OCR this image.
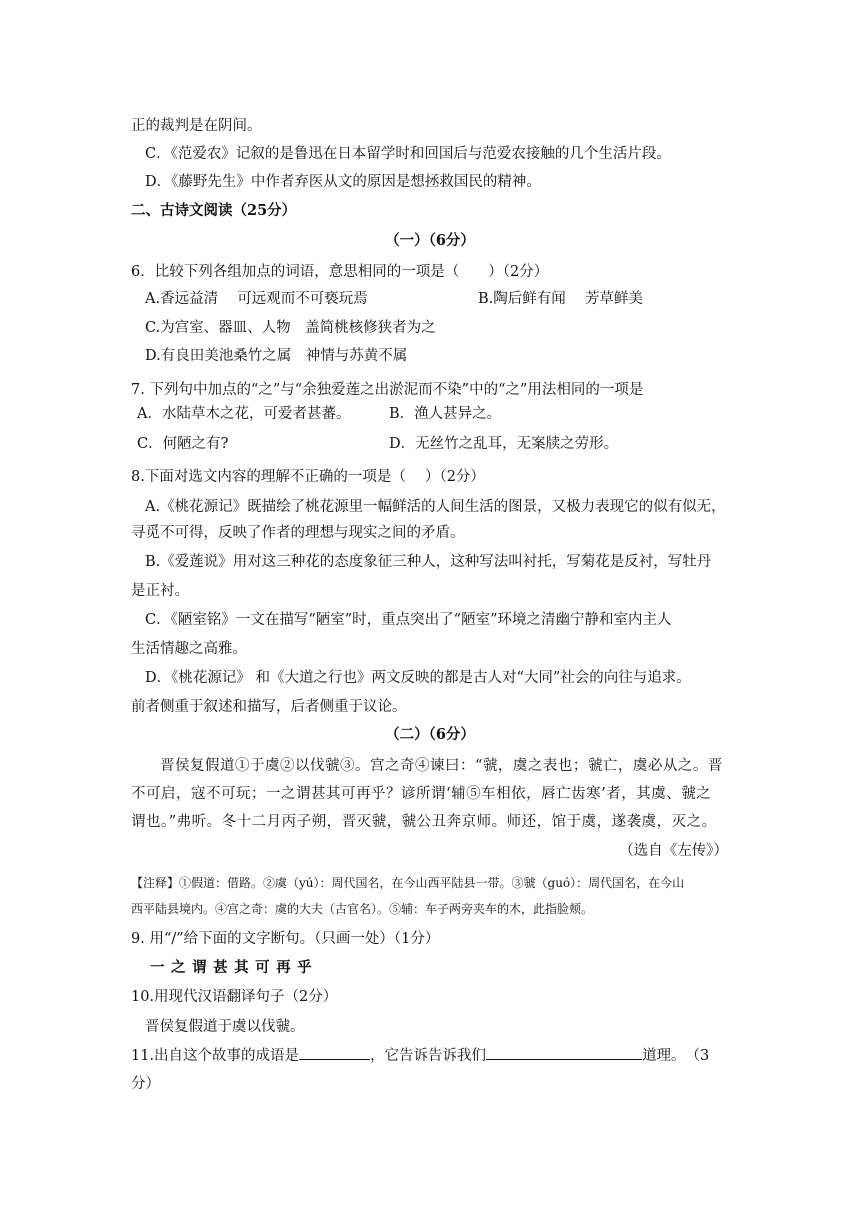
正的裁判是在阴间。
C．《范爱农》记叙的是鲁迅在日本留学时和回国后与范爱农接触的几个生活片段。
D．《藤野先生》中作者弃医从文的原因是想拯救国民的精神。
二、古诗文阅读（25分）
（一）（6分）
6．比较下列各组加点的词语，意思相同的一项是（　　）（2分）
A.香远益清　 可远观而不可亵玩焉	B.陶后鲜有闻　 芳草鲜美
C.为宫室、器皿、人物　盖简桃核修狭者为之
D.有良田美池桑竹之属　神情与苏黄不属
7. 下列句中加点的“之”与“余独爱莲之出淤泥而不染”中的“之”用法相同的一项是
A．水陆草木之花，可爱者甚蕃。	B．渔人甚异之。
C．何陋之有?	D．无丝竹之乱耳，无案牍之劳形。
8.下面对选文内容的理解不正确的一项是（　 ）（2分）
A.《桃花源记》既描绘了桃花源里一幅鲜活的人间生活的图景，又极力表现它的似有似无，
寻觅不可得，反映了作者的理想与现实之间的矛盾。
B.《爱莲说》用对这三种花的态度象征三种人，这种写法叫衬托，写菊花是反衬，写牡丹
是正衬。
C．《陋室铭》一文在描写“陋室”时，重点突出了“陋室”环境之清幽宁静和室内主人
生活情趣之高雅。
D．《桃花源记》 和《大道之行也》两文反映的都是古人对“大同”社会的向往与追求。
前者侧重于叙述和描写，后者侧重于议论。
（二）（6分）
晋侯复假道①于虞②以伐虢③。宫之奇④谏曰：“虢，虞之表也；虢亡，虞必从之。晋
不可启，寇不可玩；一之谓甚其可再乎？谚所谓‘辅⑤车相依，唇亡齿寒’者，其虞、虢之
谓也。”弗听。冬十二月丙子朔，晋灭虢，虢公丑奔京师。师还，馆于虞，遂袭虞，灭之。
（选自《左传》）
【注释】①假道：借路。②虞（yú）：周代国名，在今山西平陆县一带。③虢（guó）：周代国名，在今山
西平陆县境内。④宫之奇：虞的大夫（古官名）。⑤辅：车子两旁夹车的木，此指脸颊。
9. 用“/”给下面的文字断句。（只画一处）（1分）
一之谓甚其可再乎
10.用现代汉语翻译句子（2分）
晋侯复假道于虞以伐虢。
11.出自这个故事的成语是	，它告诉告诉我们	道理。　（3
分）
